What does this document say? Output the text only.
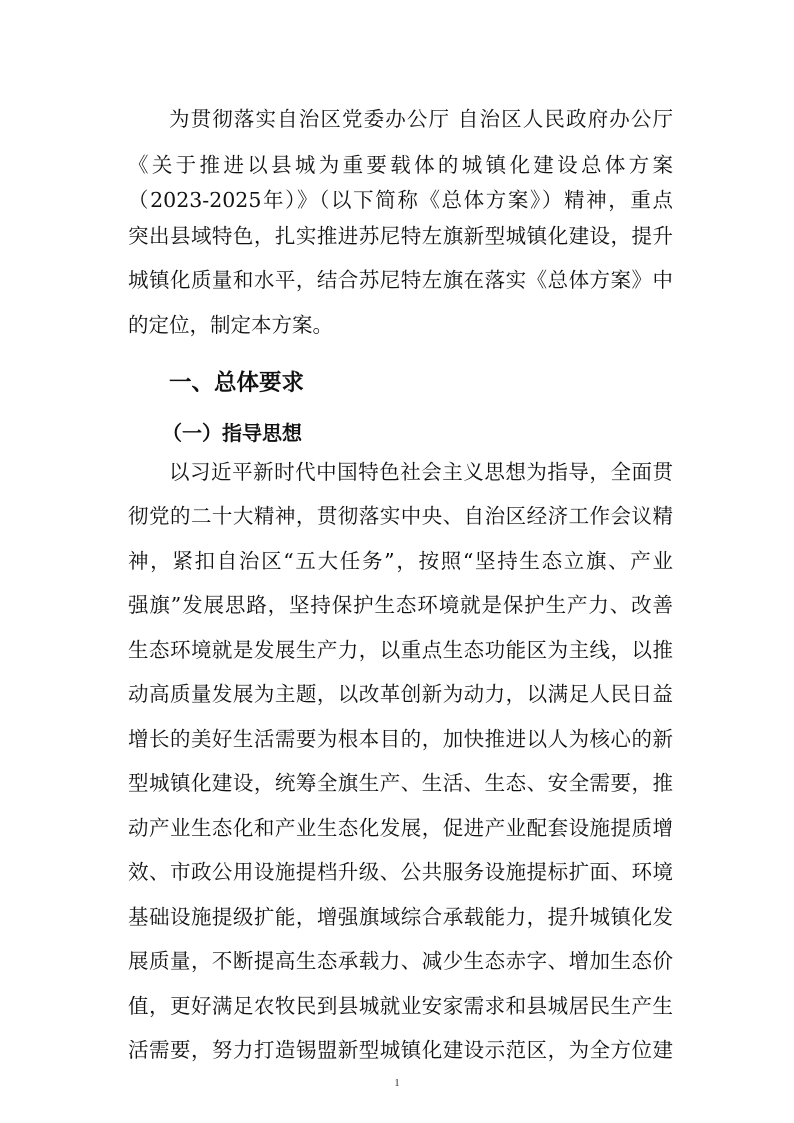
为贯彻落实自治区党委办公厅 自治区人民政府办公厅
《关于推进以县城为重要载体的城镇化建设总体方案
（2023-2025年）》（以下简称《总体方案》）精神，重点
突出县域特色，扎实推进苏尼特左旗新型城镇化建设，提升
城镇化质量和水平，结合苏尼特左旗在落实《总体方案》中
的定位，制定本方案。
一、总体要求
（一）指导思想
以习近平新时代中国特色社会主义思想为指导，全面贯
彻党的二十大精神，贯彻落实中央、自治区经济工作会议精
神，紧扣自治区“五大任务”，按照“坚持生态立旗、产业
强旗”发展思路，坚持保护生态环境就是保护生产力、改善
生态环境就是发展生产力，以重点生态功能区为主线，以推
动高质量发展为主题，以改革创新为动力，以满足人民日益
增长的美好生活需要为根本目的，加快推进以人为核心的新
型城镇化建设，统筹全旗生产、生活、生态、安全需要，推
动产业生态化和产业生态化发展，促进产业配套设施提质增
效、市政公用设施提档升级、公共服务设施提标扩面、环境
基础设施提级扩能，增强旗域综合承载能力，提升城镇化发
展质量，不断提高生态承载力、减少生态赤字、增加生态价
值，更好满足农牧民到县城就业安家需求和县城居民生产生
活需要，努力打造锡盟新型城镇化建设示范区，为全方位建
1
